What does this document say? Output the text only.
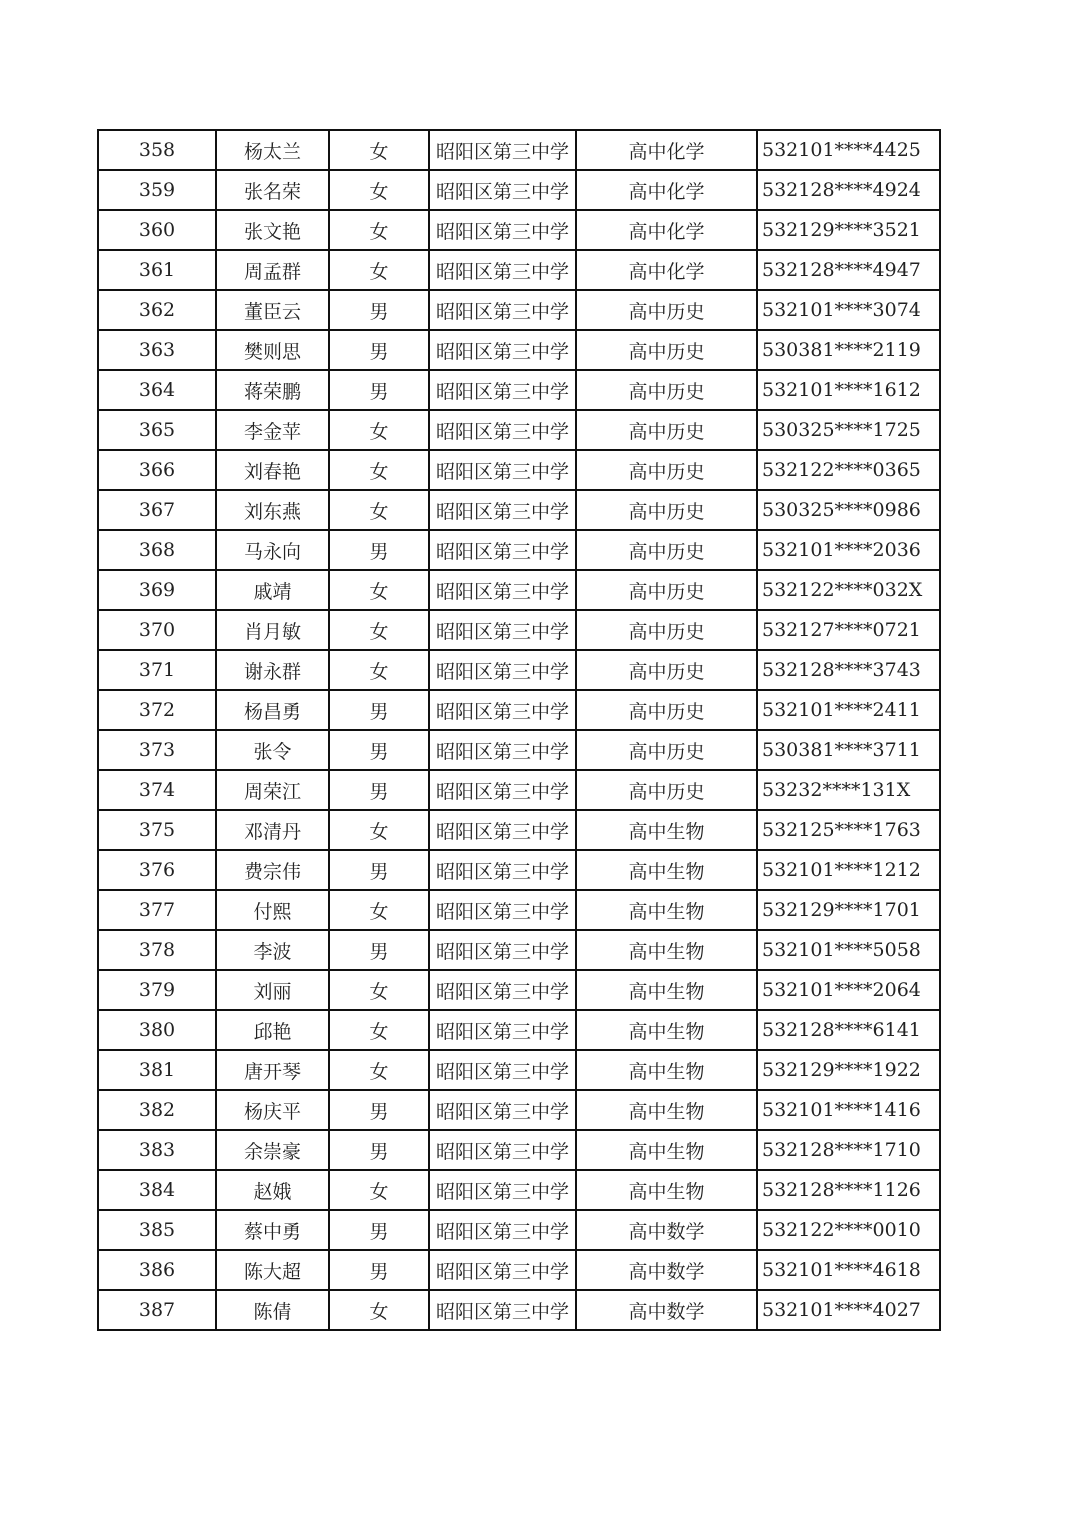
358	杨太兰	女	昭阳区第三中学	高中化学	532101****4425
359	张名荣	女	昭阳区第三中学	高中化学	532128****4924
360	张文艳	女	昭阳区第三中学	高中化学	532129****3521
361	周孟群	女	昭阳区第三中学	高中化学	532128****4947
362	董臣云	男	昭阳区第三中学	高中历史	532101****3074
363	樊则思	男	昭阳区第三中学	高中历史	530381****2119
364	蒋荣鹏	男	昭阳区第三中学	高中历史	532101****1612
365	李金苹	女	昭阳区第三中学	高中历史	530325****1725
366	刘春艳	女	昭阳区第三中学	高中历史	532122****0365
367	刘东燕	女	昭阳区第三中学	高中历史	530325****0986
368	马永向	男	昭阳区第三中学	高中历史	532101****2036
369	戚靖	女	昭阳区第三中学	高中历史	532122****032X
370	肖月敏	女	昭阳区第三中学	高中历史	532127****0721
371	谢永群	女	昭阳区第三中学	高中历史	532128****3743
372	杨昌勇	男	昭阳区第三中学	高中历史	532101****2411
373	张令	男	昭阳区第三中学	高中历史	530381****3711
374	周荣江	男	昭阳区第三中学	高中历史	53232****131X
375	邓清丹	女	昭阳区第三中学	高中生物	532125****1763
376	费宗伟	男	昭阳区第三中学	高中生物	532101****1212
377	付熙	女	昭阳区第三中学	高中生物	532129****1701
378	李波	男	昭阳区第三中学	高中生物	532101****5058
379	刘丽	女	昭阳区第三中学	高中生物	532101****2064
380	邱艳	女	昭阳区第三中学	高中生物	532128****6141
381	唐开琴	女	昭阳区第三中学	高中生物	532129****1922
382	杨庆平	男	昭阳区第三中学	高中生物	532101****1416
383	余崇豪	男	昭阳区第三中学	高中生物	532128****1710
384	赵娥	女	昭阳区第三中学	高中生物	532128****1126
385	蔡中勇	男	昭阳区第三中学	高中数学	532122****0010
386	陈大超	男	昭阳区第三中学	高中数学	532101****4618
387	陈倩	女	昭阳区第三中学	高中数学	532101****4027
